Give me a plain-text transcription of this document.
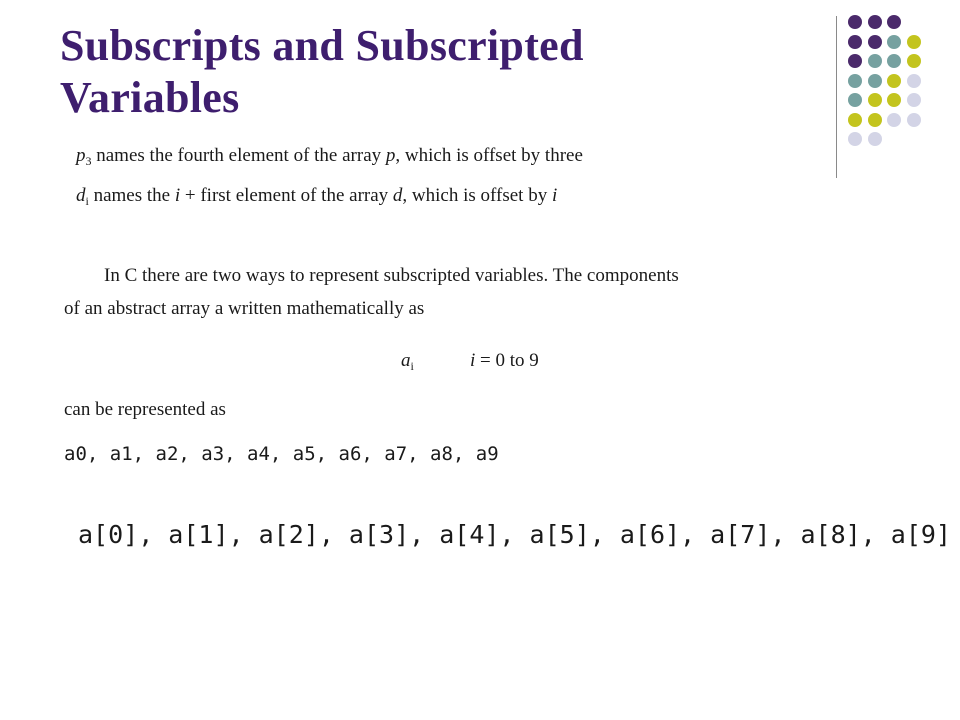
Subscripts and Subscripted
Variables
$p_3$ names the fourth element of the array p, which is offset by three
$d_i$ names the i + first element of the array d, which is offset by i
In C there are two ways to represent subscripted variables. The components
of an abstract array a written mathematically as
$a_i$	i = 0 to 9
can be represented as
a0, a1, a2, a3, a4, a5, a6, a7, a8, a9
a[0], a[1], a[2], a[3], a[4], a[5], a[6], a[7], a[8], a[9]
